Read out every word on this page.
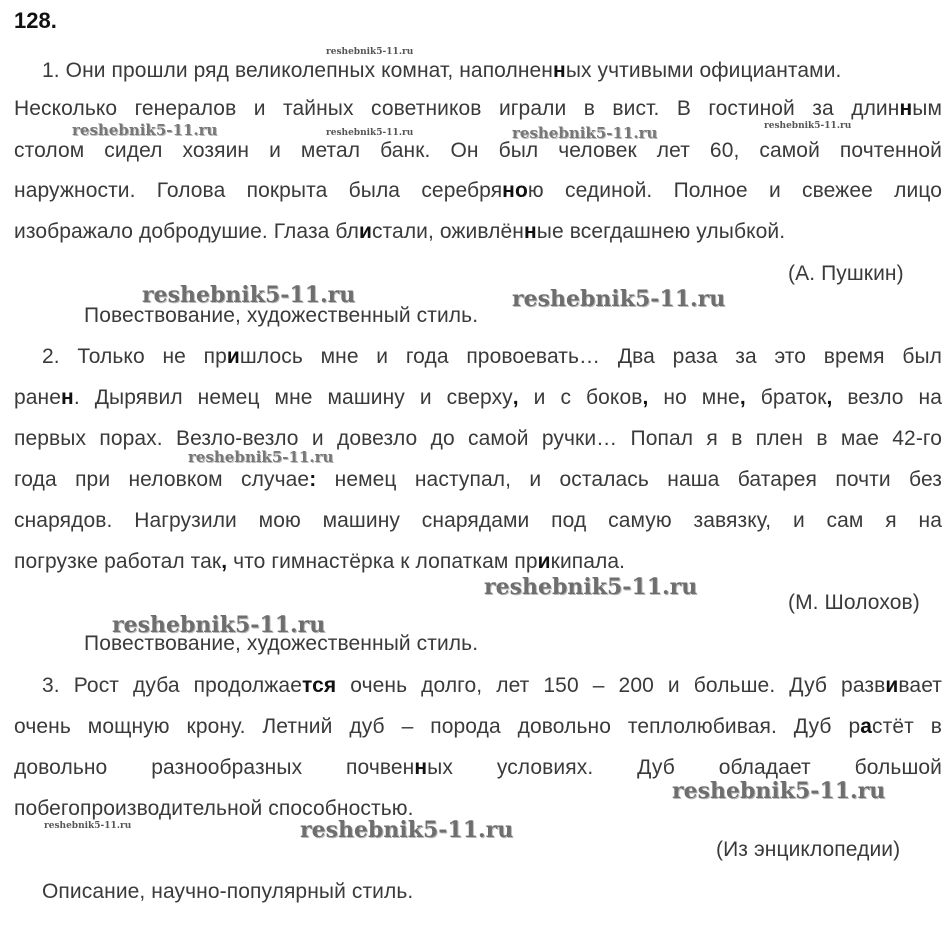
128.
1. Они прошли ряд великолепных комнат, наполненных учтивыми официантами.
Несколько генералов и тайных советников играли в вист. В гостиной за длинным
столом сидел хозяин и метал банк. Он был человек лет 60, самой почтенной
наружности. Голова покрыта была серебряною сединой. Полное и свежее лицо
изображало добродушие. Глаза блистали, оживлённые всегдашнею улыбкой.
(А. Пушкин)
Повествование, художественный стиль.
2. Только не пришлось мне и года провоевать… Два раза за это время был
ранен. Дырявил немец мне машину и сверху, и с боков, но мне, браток, везло на
первых порах. Везло-везло и довезло до самой ручки… Попал я в плен в мае 42-го
года при неловком случае: немец наступал, и осталась наша батарея почти без
снарядов. Нагрузили мою машину снарядами под самую завязку, и сам я на
погрузке работал так, что гимнастёрка к лопаткам прикипала.
(М. Шолохов)
Повествование, художественный стиль.
3. Рост дуба продолжается очень долго, лет 150 – 200 и больше. Дуб развивает
очень мощную крону. Летний дуб – порода довольно теплолюбивая. Дуб растёт в
довольно разнообразных почвенных условиях. Дуб обладает большой
побегопроизводительной способностью.
(Из энциклопедии)
Описание, научно-популярный стиль.
reshebnik5-11.ru
reshebnik5-11.ru	reshebnik5-11.ru	reshebnik5-11.ru	reshebnik5-11.ru
reshebnik5-11.ru	reshebnik5-11.ru
reshebnik5-11.ru
reshebnik5-11.ru
reshebnik5-11.ru
reshebnik5-11.ru
reshebnik5-11.ru	reshebnik5-11.ru
